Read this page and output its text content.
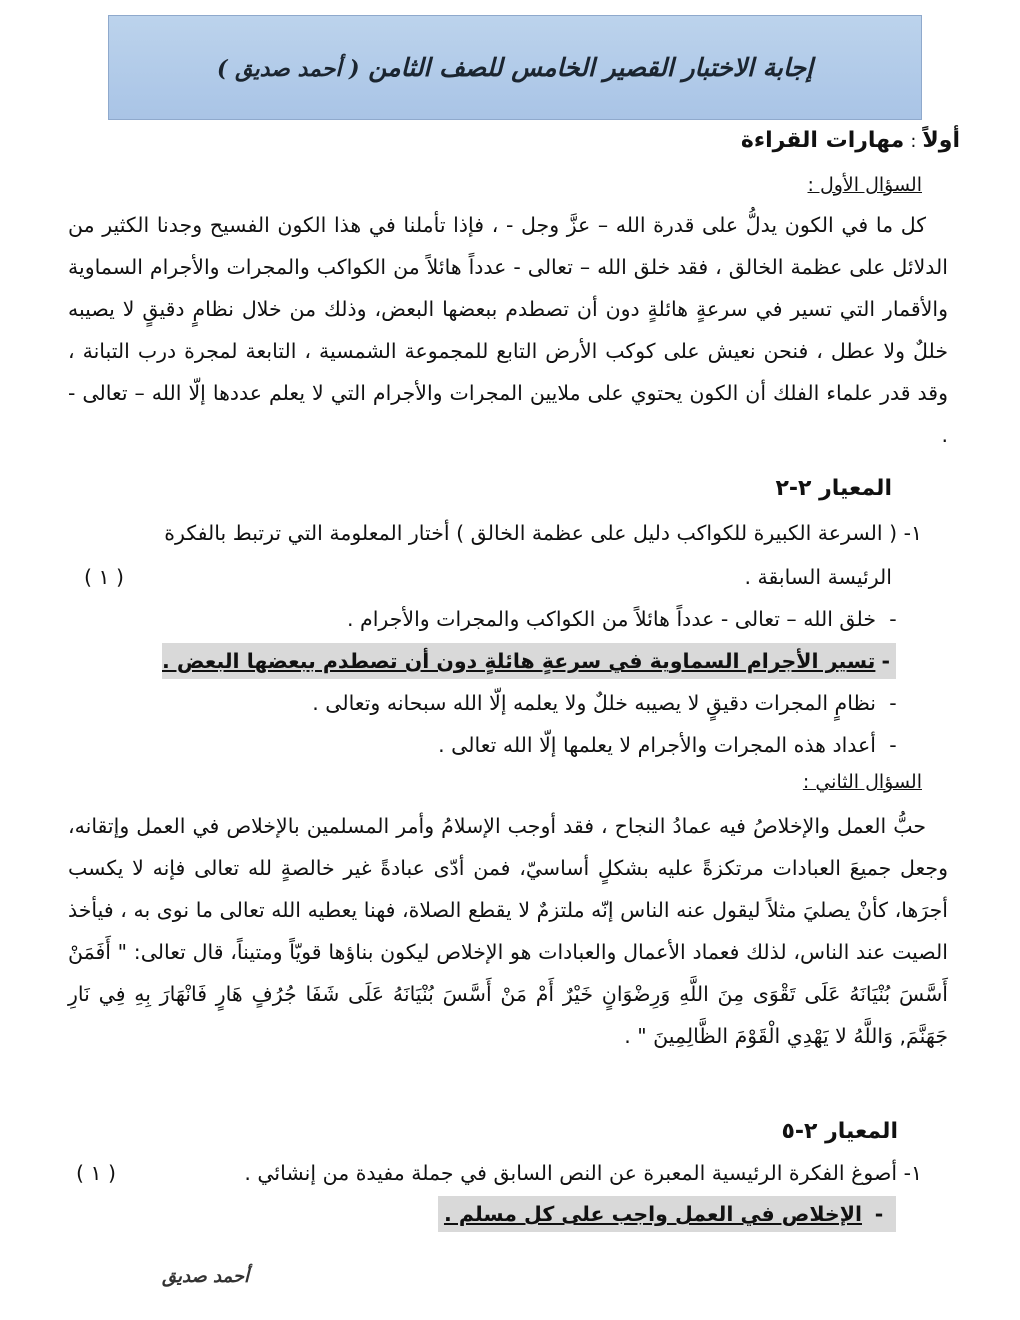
إجابة الاختبار القصير الخامس للصف الثامن ( أحمد صديق )
أولاً:مهارات القراءة
السؤال الأول :
كل ما في الكون يدلُّ على قدرة الله – عزَّ وجل - ، فإذا تأملنا في هذا الكون الفسيح وجدنا الكثير من الدلائل على عظمة الخالق ، فقد خلق الله – تعالى - عدداً هائلاً من الكواكب والمجرات والأجرام السماوية والأقمار التي تسير في سرعةٍ هائلةٍ دون أن تصطدم ببعضها البعض، وذلك من خلال نظامٍ دقيقٍ لا يصيبه خللٌ ولا عطل ، فنحن نعيش على كوكب الأرض التابع للمجموعة الشمسية ، التابعة لمجرة درب التبانة ، وقد قدر علماء الفلك أن الكون يحتوي على ملايين المجرات والأجرام التي لا يعلم عددها إلّا الله – تعالى - .
المعيار ٢-٢
١- ( السرعة الكبيرة للكواكب دليل على عظمة الخالق ) أختار المعلومة التي ترتبط بالفكرة
الرئيسة السابقة .
( ١ )
-
خلق الله – تعالى - عدداً هائلاً من الكواكب والمجرات والأجرام .
-
تسير الأجرام السماوية في سرعةٍ هائلةٍ دون أن تصطدم ببعضها البعض .
-
نظامٍ المجرات دقيقٍ لا يصيبه خللٌ ولا يعلمه إلّا الله سبحانه وتعالى .
-
أعداد هذه المجرات والأجرام لا يعلمها إلّا الله تعالى .
السؤال الثاني :
حبُّ العمل والإخلاصُ فيه عمادُ النجاح ، فقد أوجب الإسلامُ وأمر المسلمين بالإخلاص في العمل وإتقانه، وجعل جميعَ العبادات مرتكزةً عليه بشكلٍ أساسيّ، فمن أدّى عبادةً غير خالصةٍ لله تعالى فإنه لا يكسب أجرَها، كأنْ يصليَ مثلاً ليقول عنه الناس إنّه ملتزمٌ لا يقطع الصلاة، فهنا يعطيه الله تعالى ما نوى به ، فيأخذ الصيت عند الناس، لذلك فعماد الأعمال والعبادات هو الإخلاص ليكون بناؤها قويّاً ومتيناً، قال تعالى: " أَفَمَنْ أَسَّسَ بُنْيَانَهُ عَلَى تَقْوَى مِنَ اللَّهِ وَرِضْوَانٍ خَيْرٌ أَمْ مَنْ أَسَّسَ بُنْيَانَهُ عَلَى شَفَا جُرُفٍ هَارٍ فَانْهَارَ بِهِ فِي نَارِ جَهَنَّمَ, وَاللَّهُ لا يَهْدِي الْقَوْمَ الظَّالِمِينَ " .
المعيار ٢-٥
١- أصوغ الفكرة الرئيسية المعبرة عن النص السابق في جملة مفيدة من إنشائي .
( ١ )
-
الإخلاص في العمل واجب على كل مسلم .
أحمد صديق
